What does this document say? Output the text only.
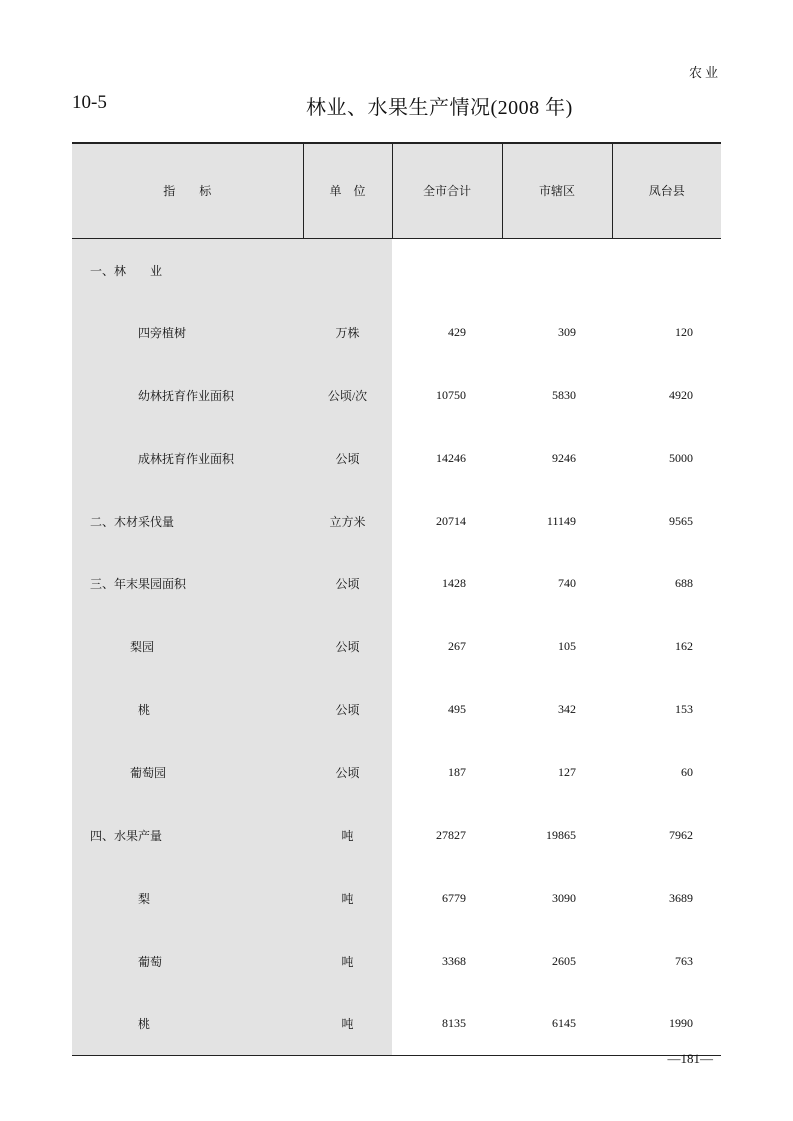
农业
10-5	林业、水果生产情况(2008 年)
指　　标	单　位	全市合计	市辖区	凤台县
一、林　　业				
四旁植树	万株	429	309	120
幼林抚育作业面积	公顷/次	10750	5830	4920
成林抚育作业面积	公顷	14246	9246	5000
二、木材采伐量	立方米	20714	11149	9565
三、年末果园面积	公顷	1428	740	688
梨园	公顷	267	105	162
桃	公顷	495	342	153
葡萄园	公顷	187	127	60
四、水果产量	吨	27827	19865	7962
梨	吨	6779	3090	3689
葡萄	吨	3368	2605	763
桃	吨	8135	6145	1990
—181—
